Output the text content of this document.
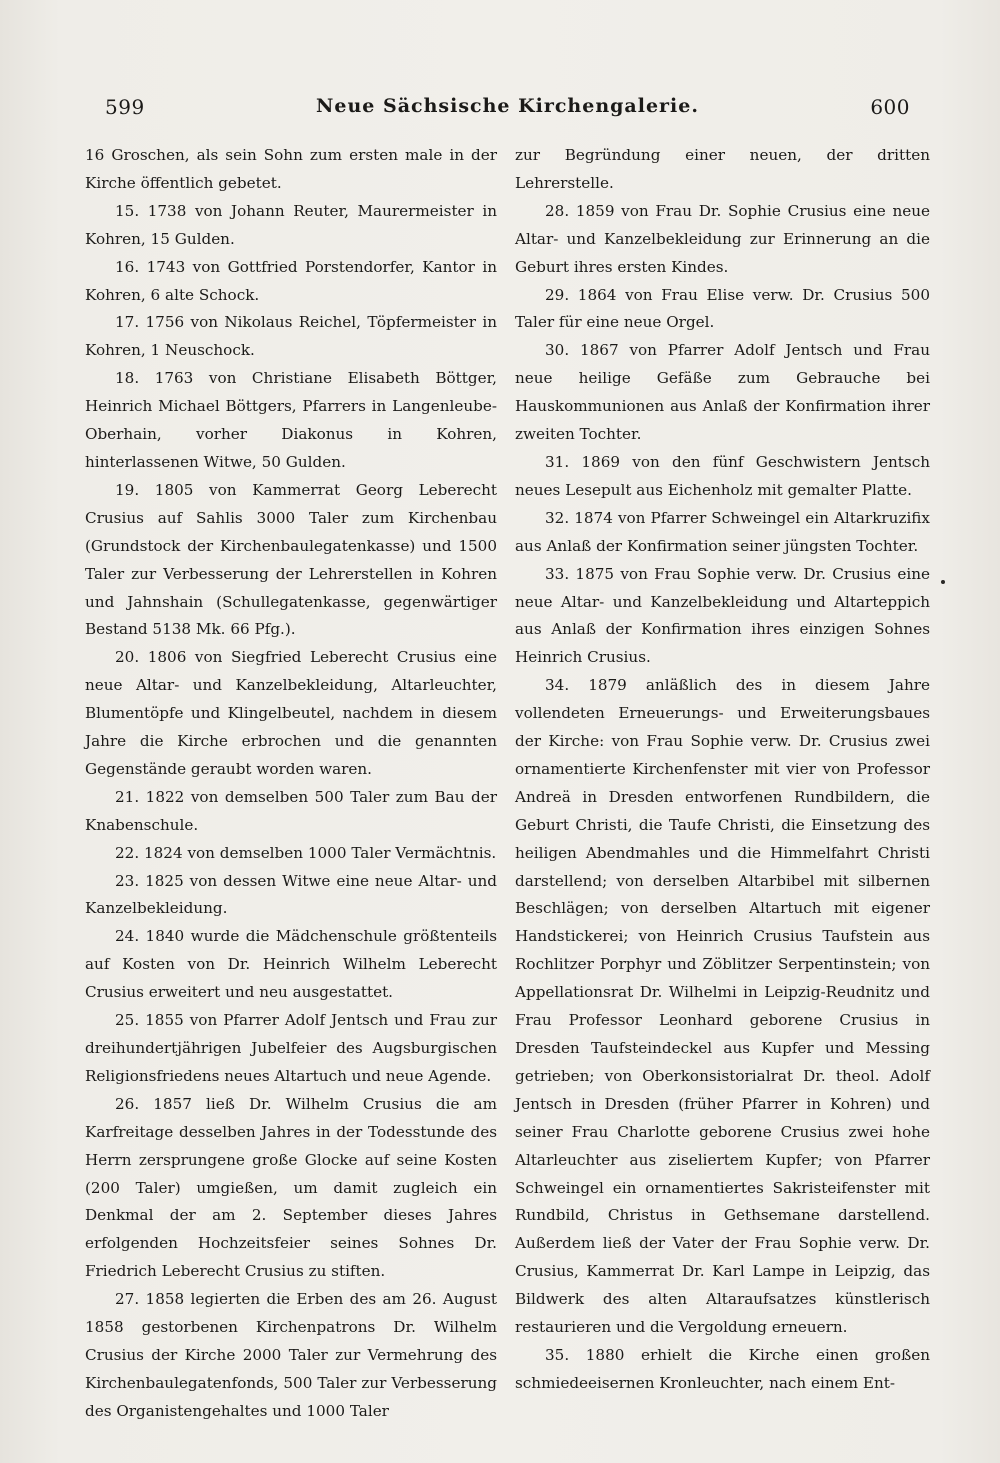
599	Neue Sächsische Kirchengalerie.	600

16 Groschen, als sein Sohn zum ersten male in der Kirche öffentlich gebetet.

15. 1738 von Johann Reuter, Maurermeister in Kohren, 15 Gulden.

16. 1743 von Gottfried Porstendorfer, Kantor in Kohren, 6 alte Schock.

17. 1756 von Nikolaus Reichel, Töpfermeister in Kohren, 1 Neuschock.

18. 1763 von Christiane Elisabeth Böttger, Heinrich Michael Böttgers, Pfarrers in Langenleube-Oberhain, vorher Diakonus in Kohren, hinterlassenen Witwe, 50 Gulden.

19. 1805 von Kammerrat Georg Leberecht Crusius auf Sahlis 3000 Taler zum Kirchenbau (Grundstock der Kirchenbaulegatenkasse) und 1500 Taler zur Verbesserung der Lehrerstellen in Kohren und Jahnshain (Schullegatenkasse, gegenwärtiger Bestand 5138 Mk. 66 Pfg.).

20. 1806 von Siegfried Leberecht Crusius eine neue Altar- und Kanzelbekleidung, Altarleuchter, Blumentöpfe und Klingelbeutel, nachdem in diesem Jahre die Kirche erbrochen und die genannten Gegenstände geraubt worden waren.

21. 1822 von demselben 500 Taler zum Bau der Knabenschule.

22. 1824 von demselben 1000 Taler Vermächtnis.

23. 1825 von dessen Witwe eine neue Altar- und Kanzelbekleidung.

24. 1840 wurde die Mädchenschule größtenteils auf Kosten von Dr. Heinrich Wilhelm Leberecht Crusius erweitert und neu ausgestattet.

25. 1855 von Pfarrer Adolf Jentsch und Frau zur dreihundertjährigen Jubelfeier des Augsburgischen Religionsfriedens neues Altartuch und neue Agende.

26. 1857 ließ Dr. Wilhelm Crusius die am Karfreitage desselben Jahres in der Todesstunde des Herrn zersprungene große Glocke auf seine Kosten (200 Taler) umgießen, um damit zugleich ein Denkmal der am 2. September dieses Jahres erfolgenden Hochzeitsfeier seines Sohnes Dr. Friedrich Leberecht Crusius zu stiften.

27. 1858 legierten die Erben des am 26. August 1858 gestorbenen Kirchenpatrons Dr. Wilhelm Crusius der Kirche 2000 Taler zur Vermehrung des Kirchenbaulegatenfonds, 500 Taler zur Verbesserung des Organistengehaltes und 1000 Taler

zur Begründung einer neuen, der dritten Lehrerstelle.

28. 1859 von Frau Dr. Sophie Crusius eine neue Altar- und Kanzelbekleidung zur Erinnerung an die Geburt ihres ersten Kindes.

29. 1864 von Frau Elise verw. Dr. Crusius 500 Taler für eine neue Orgel.

30. 1867 von Pfarrer Adolf Jentsch und Frau neue heilige Gefäße zum Gebrauche bei Hauskommunionen aus Anlaß der Konfirmation ihrer zweiten Tochter.

31. 1869 von den fünf Geschwistern Jentsch neues Lesepult aus Eichenholz mit gemalter Platte.

32. 1874 von Pfarrer Schweingel ein Altarkruzifix aus Anlaß der Konfirmation seiner jüngsten Tochter.

33. 1875 von Frau Sophie verw. Dr. Crusius eine neue Altar- und Kanzelbekleidung und Altarteppich aus Anlaß der Konfirmation ihres einzigen Sohnes Heinrich Crusius.

34. 1879 anläßlich des in diesem Jahre vollendeten Erneuerungs- und Erweiterungsbaues der Kirche: von Frau Sophie verw. Dr. Crusius zwei ornamentierte Kirchenfenster mit vier von Professor Andreä in Dresden entworfenen Rundbildern, die Geburt Christi, die Taufe Christi, die Einsetzung des heiligen Abendmahles und die Himmelfahrt Christi darstellend; von derselben Altarbibel mit silbernen Beschlägen; von derselben Altartuch mit eigener Handstickerei; von Heinrich Crusius Taufstein aus Rochlitzer Porphyr und Zöblitzer Serpentinstein; von Appellationsrat Dr. Wilhelmi in Leipzig-Reudnitz und Frau Professor Leonhard geborene Crusius in Dresden Taufsteindeckel aus Kupfer und Messing getrieben; von Oberkonsistorialrat Dr. theol. Adolf Jentsch in Dresden (früher Pfarrer in Kohren) und seiner Frau Charlotte geborene Crusius zwei hohe Altarleuchter aus ziseliertem Kupfer; von Pfarrer Schweingel ein ornamentiertes Sakristeifenster mit Rundbild, Christus in Gethsemane darstellend. Außerdem ließ der Vater der Frau Sophie verw. Dr. Crusius, Kammerrat Dr. Karl Lampe in Leipzig, das Bildwerk des alten Altaraufsatzes künstlerisch restaurieren und die Vergoldung erneuern.

35. 1880 erhielt die Kirche einen großen schmiedeeisernen Kronleuchter, nach einem Ent-
